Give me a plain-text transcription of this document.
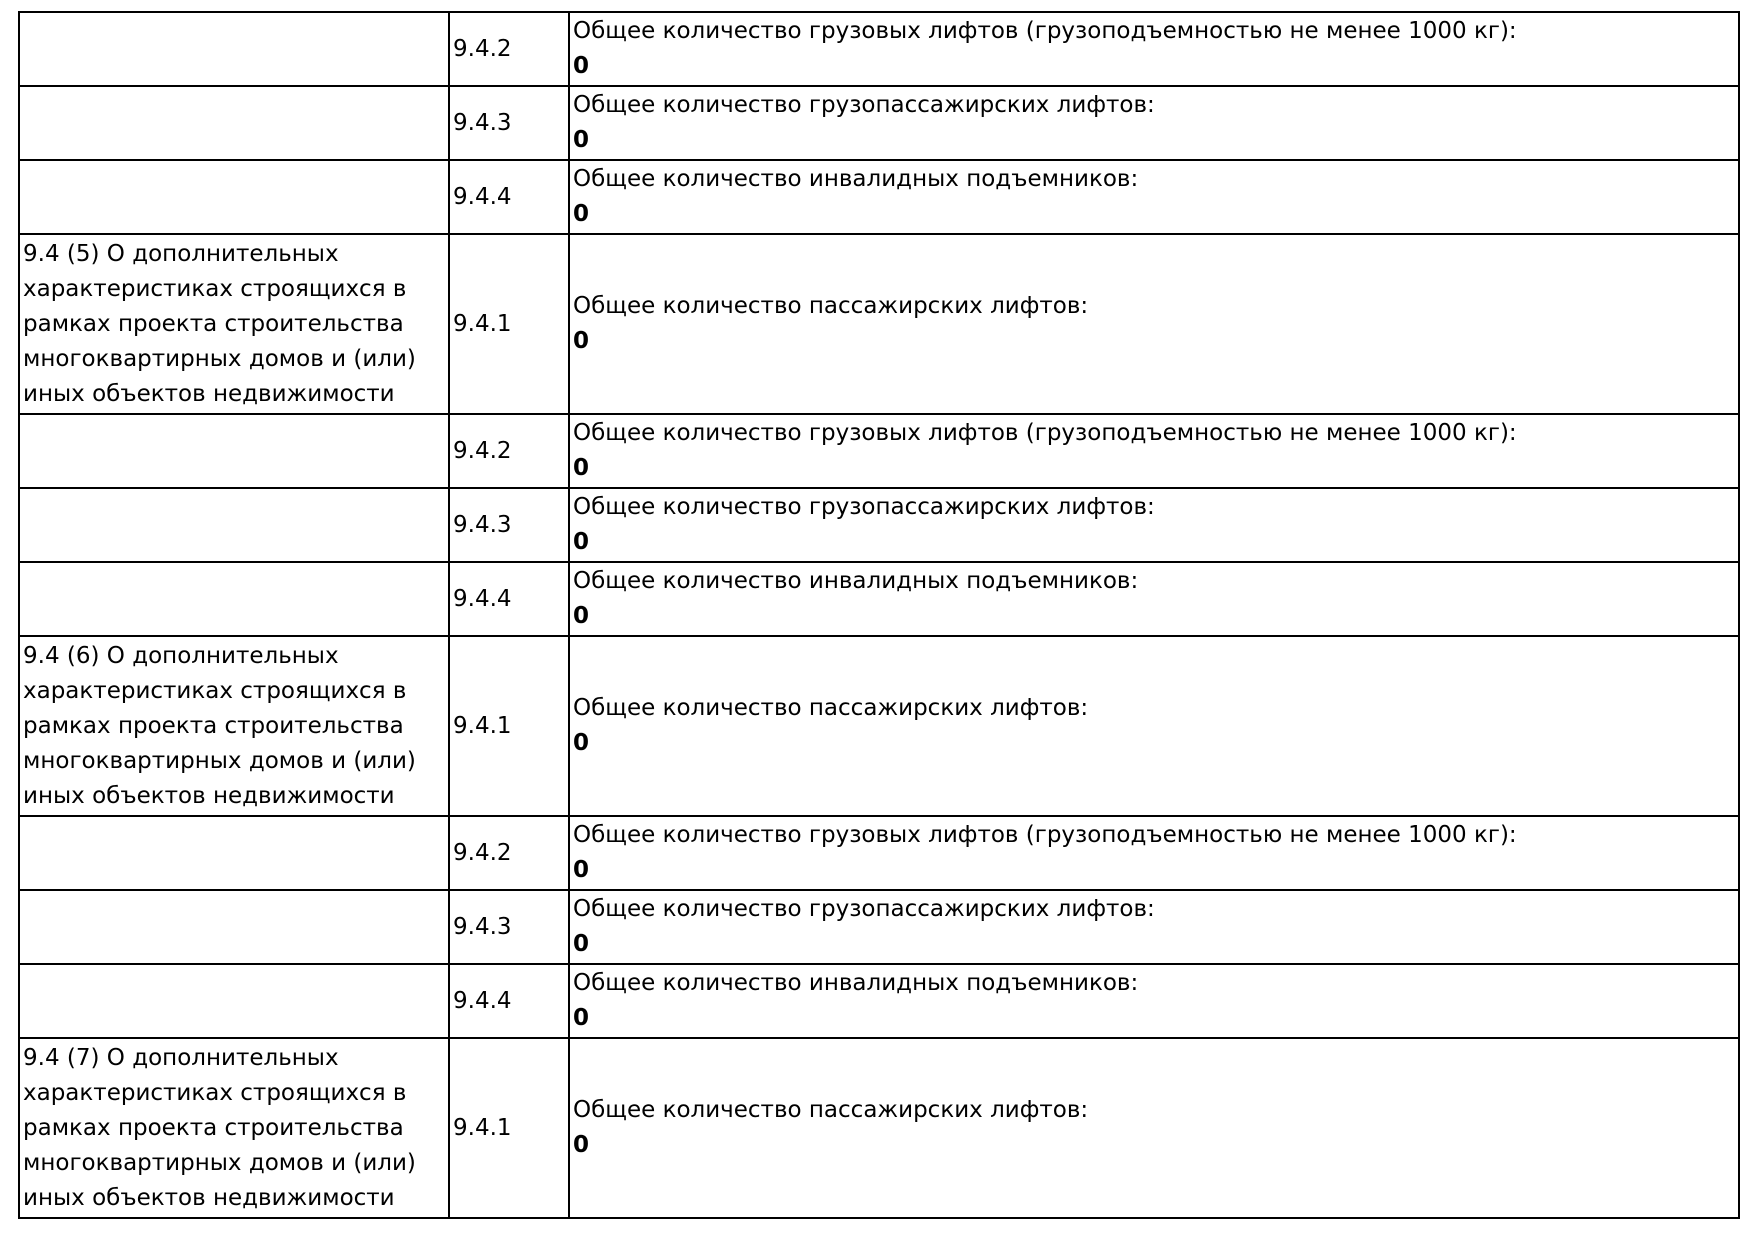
	9.4.2	Общее количество грузовых лифтов (грузоподъемностью не менее 1000 кг):
0
	9.4.3	Общее количество грузопассажирских лифтов:
0
	9.4.4	Общее количество инвалидных подъемников:
0
9.4 (5) О дополнительных характеристиках строящихся в рамках проекта строительства многоквартирных домов и (или) иных объектов недвижимости	9.4.1	Общее количество пассажирских лифтов:
0
	9.4.2	Общее количество грузовых лифтов (грузоподъемностью не менее 1000 кг):
0
	9.4.3	Общее количество грузопассажирских лифтов:
0
	9.4.4	Общее количество инвалидных подъемников:
0
9.4 (6) О дополнительных характеристиках строящихся в рамках проекта строительства многоквартирных домов и (или) иных объектов недвижимости	9.4.1	Общее количество пассажирских лифтов:
0
	9.4.2	Общее количество грузовых лифтов (грузоподъемностью не менее 1000 кг):
0
	9.4.3	Общее количество грузопассажирских лифтов:
0
	9.4.4	Общее количество инвалидных подъемников:
0
9.4 (7) О дополнительных характеристиках строящихся в рамках проекта строительства многоквартирных домов и (или) иных объектов недвижимости	9.4.1	Общее количество пассажирских лифтов:
0
